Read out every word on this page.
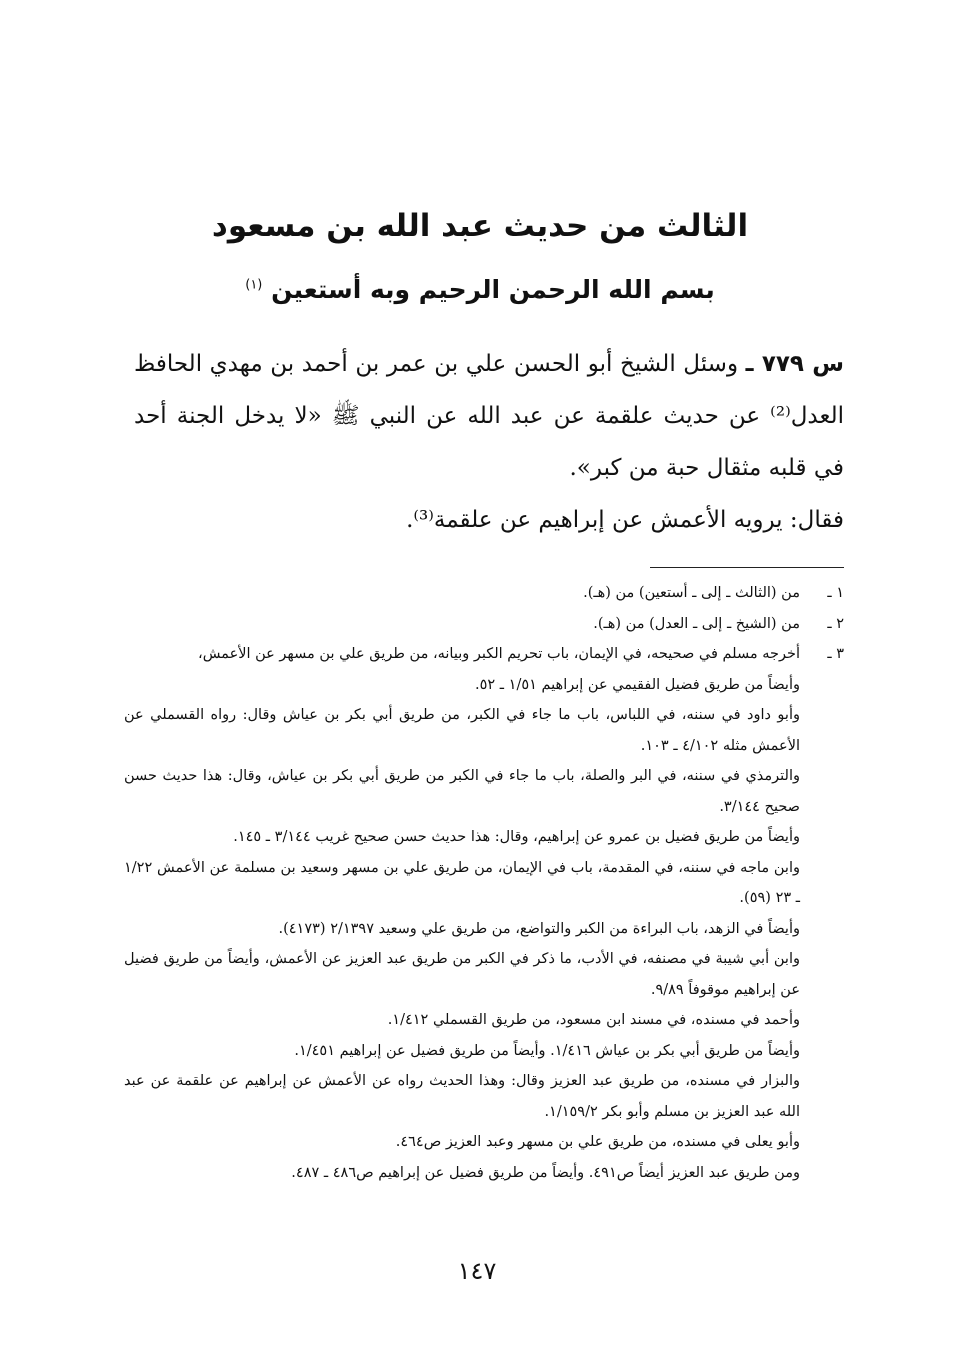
الثالث من حديث عبد الله بن مسعود
بسم الله الرحمن الرحيم وبه أستعين $^{(١)}$

س ٧٧٩ ـ وسئل الشيخ أبو الحسن علي بن عمر بن أحمد بن مهدي الحافظ العدل⁽²⁾ عن حديث علقمة عن عبد الله عن النبي ﷺ «لا يدخل الجنة أحد في قلبه مثقال حبة من كبر».

فقال: يرويه الأعمش عن إبراهيم عن علقمة⁽³⁾.

١ ـ
من (الثالث ـ إلى ـ أستعين) من (هـ).
٢ ـ
من (الشيخ ـ إلى ـ العدل) من (هـ).
٣ ـ
أخرجه مسلم في صحيحه، في الإيمان، باب تحريم الكبر وبيانه، من طريق علي بن مسهر عن الأعمش،
وأيضاً من طريق فضيل الفقيمي عن إبراهيم ١/٥١ ـ ٥٢.
وأبو داود في سننه، في اللباس، باب ما جاء في الكبر، من طريق أبي بكر بن عياش وقال: رواه القسملي عن الأعمش مثله ٤/١٠٢ ـ ١٠٣.
والترمذي في سننه، في البر والصلة، باب ما جاء في الكبر من طريق أبي بكر بن عياش، وقال: هذا حديث حسن صحيح ٣/١٤٤.
وأيضاً من طريق فضيل بن عمرو عن إبراهيم، وقال: هذا حديث حسن صحيح غريب ٣/١٤٤ ـ ١٤٥.
وابن ماجه في سننه، في المقدمة، باب في الإيمان، من طريق علي بن مسهر وسعيد بن مسلمة عن الأعمش ١/٢٢ ـ ٢٣ (٥٩).
وأيضاً في الزهد، باب البراءة من الكبر والتواضع، من طريق علي وسعيد ٢/١٣٩٧ (٤١٧٣).
وابن أبي شيبة في مصنفه، في الأدب، ما ذكر في الكبر من طريق عبد العزيز عن الأعمش، وأيضاً من طريق فضيل عن إبراهيم موقوفاً ٩/٨٩.
وأحمد في مسنده، في مسند ابن مسعود، من طريق القسملي ١/٤١٢.
وأيضاً من طريق أبي بكر بن عياش ١/٤١٦. وأيضاً من طريق فضيل عن إبراهيم ١/٤٥١.
والبزار في مسنده، من طريق عبد العزيز وقال: وهذا الحديث رواه عن الأعمش عن إبراهيم عن علقمة عن عبد الله عبد العزيز بن مسلم وأبو بكر ١/١٥٩/٢.
وأبو يعلى في مسنده، من طريق علي بن مسهر وعبد العزيز ص٤٦٤.
ومن طريق عبد العزيز أيضاً ص٤٩١. وأيضاً من طريق فضيل عن إبراهيم ص٤٨٦ ـ ٤٨٧.
١٤٧
